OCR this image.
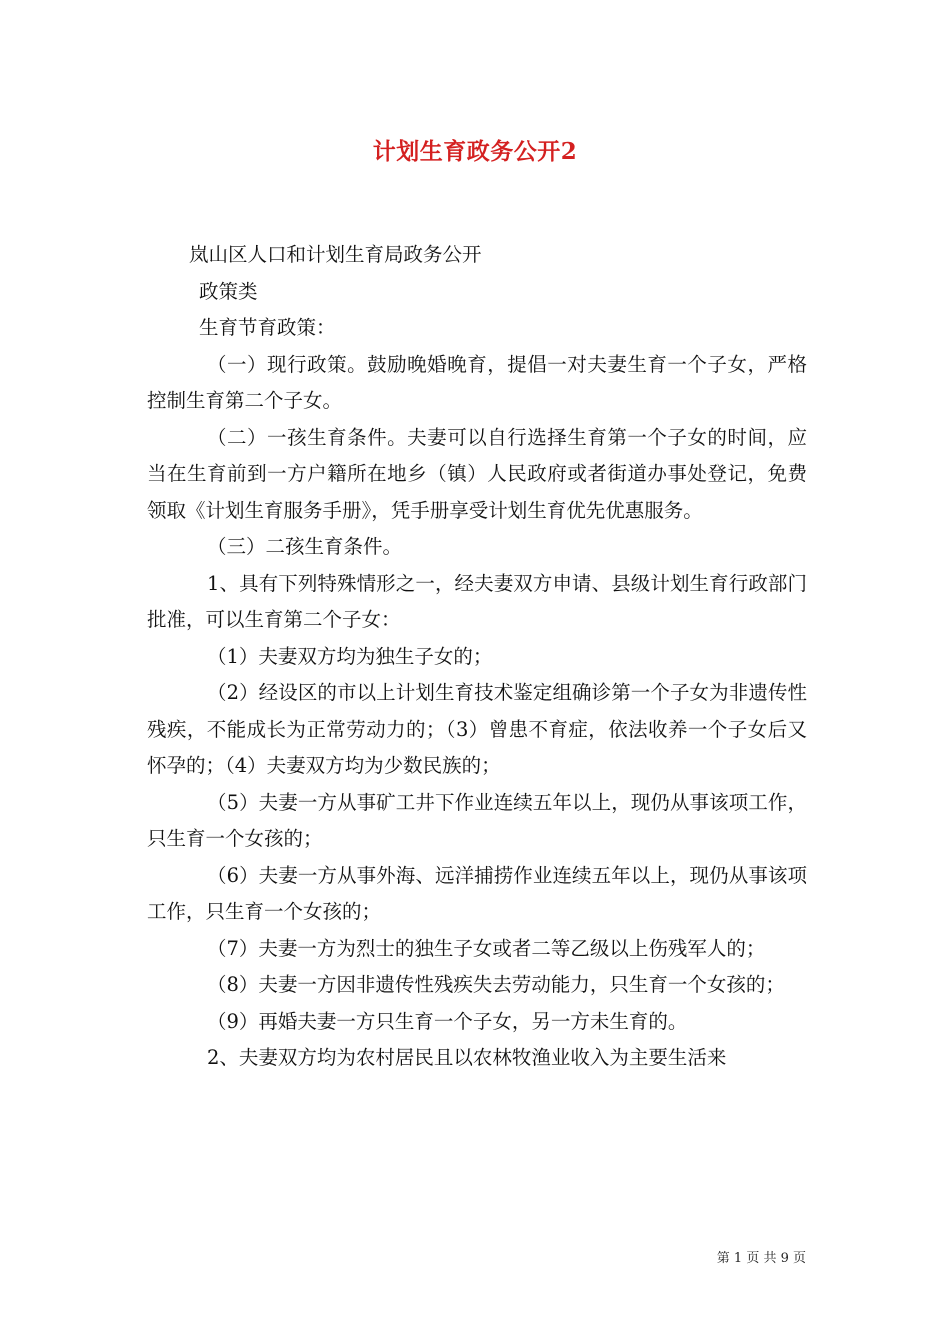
计划生育政务公开2

岚山区人口和计划生育局政务公开

政策类

生育节育政策：

（一）现行政策。鼓励晚婚晚育，提倡一对夫妻生育一个子女，严格控制生育第二个子女。

（二）一孩生育条件。夫妻可以自行选择生育第一个子女的时间，应当在生育前到一方户籍所在地乡（镇）人民政府或者街道办事处登记，免费领取《计划生育服务手册》，凭手册享受计划生育优先优惠服务。

（三）二孩生育条件。

1、具有下列特殊情形之一，经夫妻双方申请、县级计划生育行政部门批准，可以生育第二个子女：

（1）夫妻双方均为独生子女的；

（2）经设区的市以上计划生育技术鉴定组确诊第一个子女为非遗传性残疾，不能成长为正常劳动力的；（3）曾患不育症，依法收养一个子女后又怀孕的；（4）夫妻双方均为少数民族的；

（5）夫妻一方从事矿工井下作业连续五年以上，现仍从事该项工作，只生育一个女孩的；

（6）夫妻一方从事外海、远洋捕捞作业连续五年以上，现仍从事该项工作，只生育一个女孩的；

（7）夫妻一方为烈士的独生子女或者二等乙级以上伤残军人的；

（8）夫妻一方因非遗传性残疾失去劳动能力，只生育一个女孩的；

（9）再婚夫妻一方只生育一个子女，另一方未生育的。

2、夫妻双方均为农村居民且以农林牧渔业收入为主要生活来

第 1 页 共 9 页
